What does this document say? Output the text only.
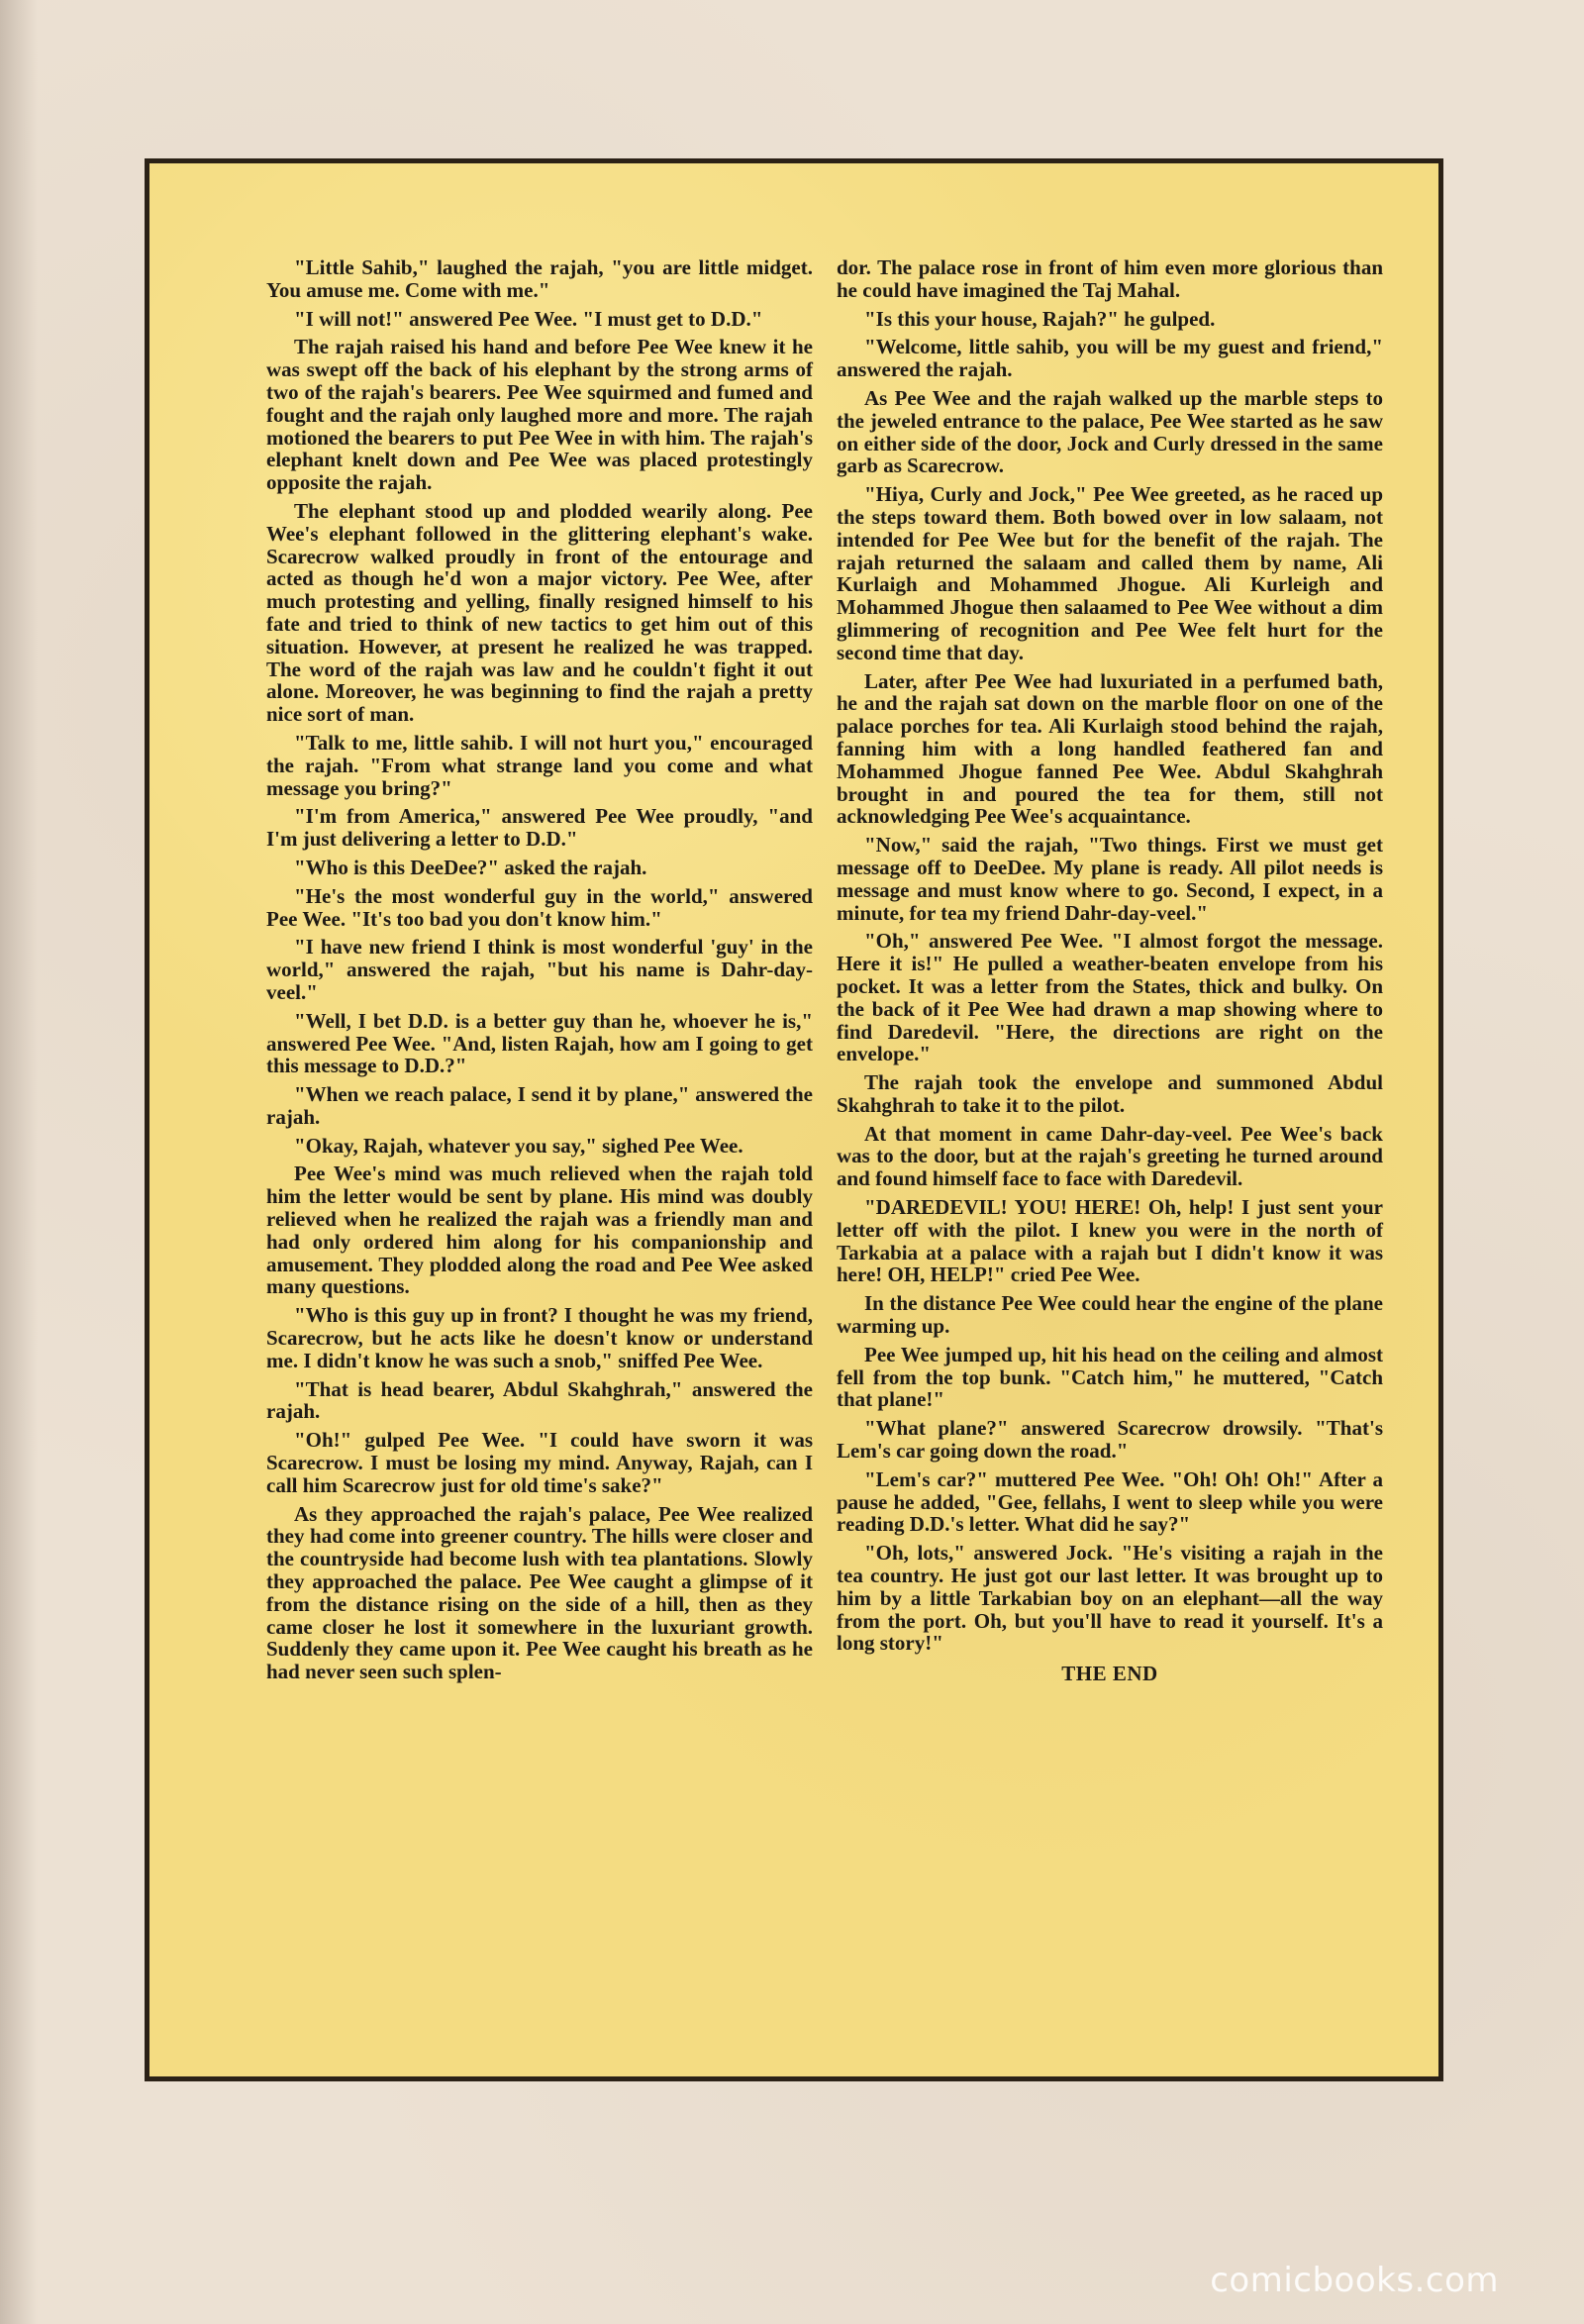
"Little Sahib," laughed the rajah, "you are little midget. You amuse me. Come with me."

"I will not!" answered Pee Wee. "I must get to D.D."

The rajah raised his hand and before Pee Wee knew it he was swept off the back of his elephant by the strong arms of two of the rajah's bearers. Pee Wee squirmed and fumed and fought and the rajah only laughed more and more. The rajah motioned the bearers to put Pee Wee in with him. The rajah's elephant knelt down and Pee Wee was placed protestingly opposite the rajah.

The elephant stood up and plodded wearily along. Pee Wee's elephant followed in the glittering elephant's wake. Scarecrow walked proudly in front of the entourage and acted as though he'd won a major victory. Pee Wee, after much protesting and yelling, finally resigned himself to his fate and tried to think of new tactics to get him out of this situation. However, at present he realized he was trapped. The word of the rajah was law and he couldn't fight it out alone. Moreover, he was beginning to find the rajah a pretty nice sort of man.

"Talk to me, little sahib. I will not hurt you," encouraged the rajah. "From what strange land you come and what message you bring?"

"I'm from America," answered Pee Wee proudly, "and I'm just delivering a letter to D.D."

"Who is this DeeDee?" asked the rajah.

"He's the most wonderful guy in the world," answered Pee Wee. "It's too bad you don't know him."

"I have new friend I think is most wonderful 'guy' in the world," answered the rajah, "but his name is Dahr-day-veel."

"Well, I bet D.D. is a better guy than he, whoever he is," answered Pee Wee. "And, listen Rajah, how am I going to get this message to D.D.?"

"When we reach palace, I send it by plane," answered the rajah.

"Okay, Rajah, whatever you say," sighed Pee Wee.

Pee Wee's mind was much relieved when the rajah told him the letter would be sent by plane. His mind was doubly relieved when he realized the rajah was a friendly man and had only ordered him along for his companionship and amusement. They plodded along the road and Pee Wee asked many questions.

"Who is this guy up in front? I thought he was my friend, Scarecrow, but he acts like he doesn't know or understand me. I didn't know he was such a snob," sniffed Pee Wee.

"That is head bearer, Abdul Skahghrah," answered the rajah.

"Oh!" gulped Pee Wee. "I could have sworn it was Scarecrow. I must be losing my mind. Anyway, Rajah, can I call him Scarecrow just for old time's sake?"

As they approached the rajah's palace, Pee Wee realized they had come into greener country. The hills were closer and the countryside had become lush with tea plantations. Slowly they approached the palace. Pee Wee caught a glimpse of it from the distance rising on the side of a hill, then as they came closer he lost it somewhere in the luxuriant growth. Suddenly they came upon it. Pee Wee caught his breath as he had never seen such splen-

dor. The palace rose in front of him even more glorious than he could have imagined the Taj Mahal.

"Is this your house, Rajah?" he gulped.

"Welcome, little sahib, you will be my guest and friend," answered the rajah.

As Pee Wee and the rajah walked up the marble steps to the jeweled entrance to the palace, Pee Wee started as he saw on either side of the door, Jock and Curly dressed in the same garb as Scarecrow.

"Hiya, Curly and Jock," Pee Wee greeted, as he raced up the steps toward them. Both bowed over in low salaam, not intended for Pee Wee but for the benefit of the rajah. The rajah returned the salaam and called them by name, Ali Kurlaigh and Mohammed Jhogue. Ali Kurleigh and Mohammed Jhogue then salaamed to Pee Wee without a dim glimmering of recognition and Pee Wee felt hurt for the second time that day.

Later, after Pee Wee had luxuriated in a perfumed bath, he and the rajah sat down on the marble floor on one of the palace porches for tea. Ali Kurlaigh stood behind the rajah, fanning him with a long handled feathered fan and Mohammed Jhogue fanned Pee Wee. Abdul Skahghrah brought in and poured the tea for them, still not acknowledging Pee Wee's acquaintance.

"Now," said the rajah, "Two things. First we must get message off to DeeDee. My plane is ready. All pilot needs is message and must know where to go. Second, I expect, in a minute, for tea my friend Dahr-day-veel."

"Oh," answered Pee Wee. "I almost forgot the message. Here it is!" He pulled a weather-beaten envelope from his pocket. It was a letter from the States, thick and bulky. On the back of it Pee Wee had drawn a map showing where to find Daredevil. "Here, the directions are right on the envelope."

The rajah took the envelope and summoned Abdul Skahghrah to take it to the pilot.

At that moment in came Dahr-day-veel. Pee Wee's back was to the door, but at the rajah's greeting he turned around and found himself face to face with Daredevil.

"DAREDEVIL! YOU! HERE! Oh, help! I just sent your letter off with the pilot. I knew you were in the north of Tarkabia at a palace with a rajah but I didn't know it was here! OH, HELP!" cried Pee Wee.

In the distance Pee Wee could hear the engine of the plane warming up.

Pee Wee jumped up, hit his head on the ceiling and almost fell from the top bunk. "Catch him," he muttered, "Catch that plane!"

"What plane?" answered Scarecrow drowsily. "That's Lem's car going down the road."

"Lem's car?" muttered Pee Wee. "Oh! Oh! Oh!" After a pause he added, "Gee, fellahs, I went to sleep while you were reading D.D.'s letter. What did he say?"

"Oh, lots," answered Jock. "He's visiting a rajah in the tea country. He just got our last letter. It was brought up to him by a little Tarkabian boy on an elephant—all the way from the port. Oh, but you'll have to read it yourself. It's a long story!"

THE END

comicbooks.com
